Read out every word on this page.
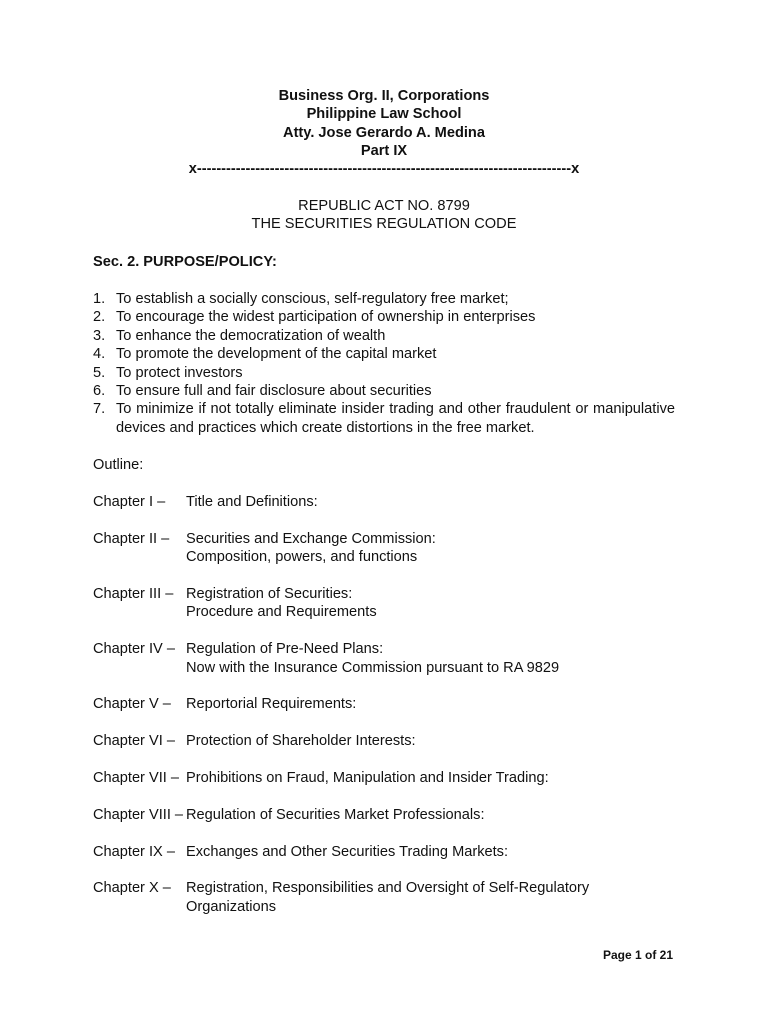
Business Org. II, Corporations
Philippine Law School
Atty. Jose Gerardo A. Medina
Part IX
x-----------------------------------------------------------------------------x
REPUBLIC ACT NO. 8799
THE SECURITIES REGULATION CODE
Sec. 2. PURPOSE/POLICY:
1. To establish a socially conscious, self-regulatory free market;
2. To encourage the widest participation of ownership in enterprises
3. To enhance the democratization of wealth
4. To promote the development of the capital market
5. To protect investors
6. To ensure full and fair disclosure about securities
7. To minimize if not totally eliminate insider trading and other fraudulent or manipulative devices and practices which create distortions in the free market.
Outline:
Chapter I –	Title and Definitions:
Chapter II –	Securities and Exchange Commission:
Composition, powers, and functions
Chapter III – Registration of Securities:
Procedure and Requirements
Chapter IV – Regulation of Pre-Need Plans:
Now with the Insurance Commission pursuant to RA 9829
Chapter V –	Reportorial Requirements:
Chapter VI – Protection of Shareholder Interests:
Chapter VII – Prohibitions on Fraud, Manipulation and Insider Trading:
Chapter VIII – Regulation of Securities Market Professionals:
Chapter IX – Exchanges and Other Securities Trading Markets:
Chapter X –	Registration, Responsibilities and Oversight of Self-Regulatory
Organizations
Page 1 of 21
